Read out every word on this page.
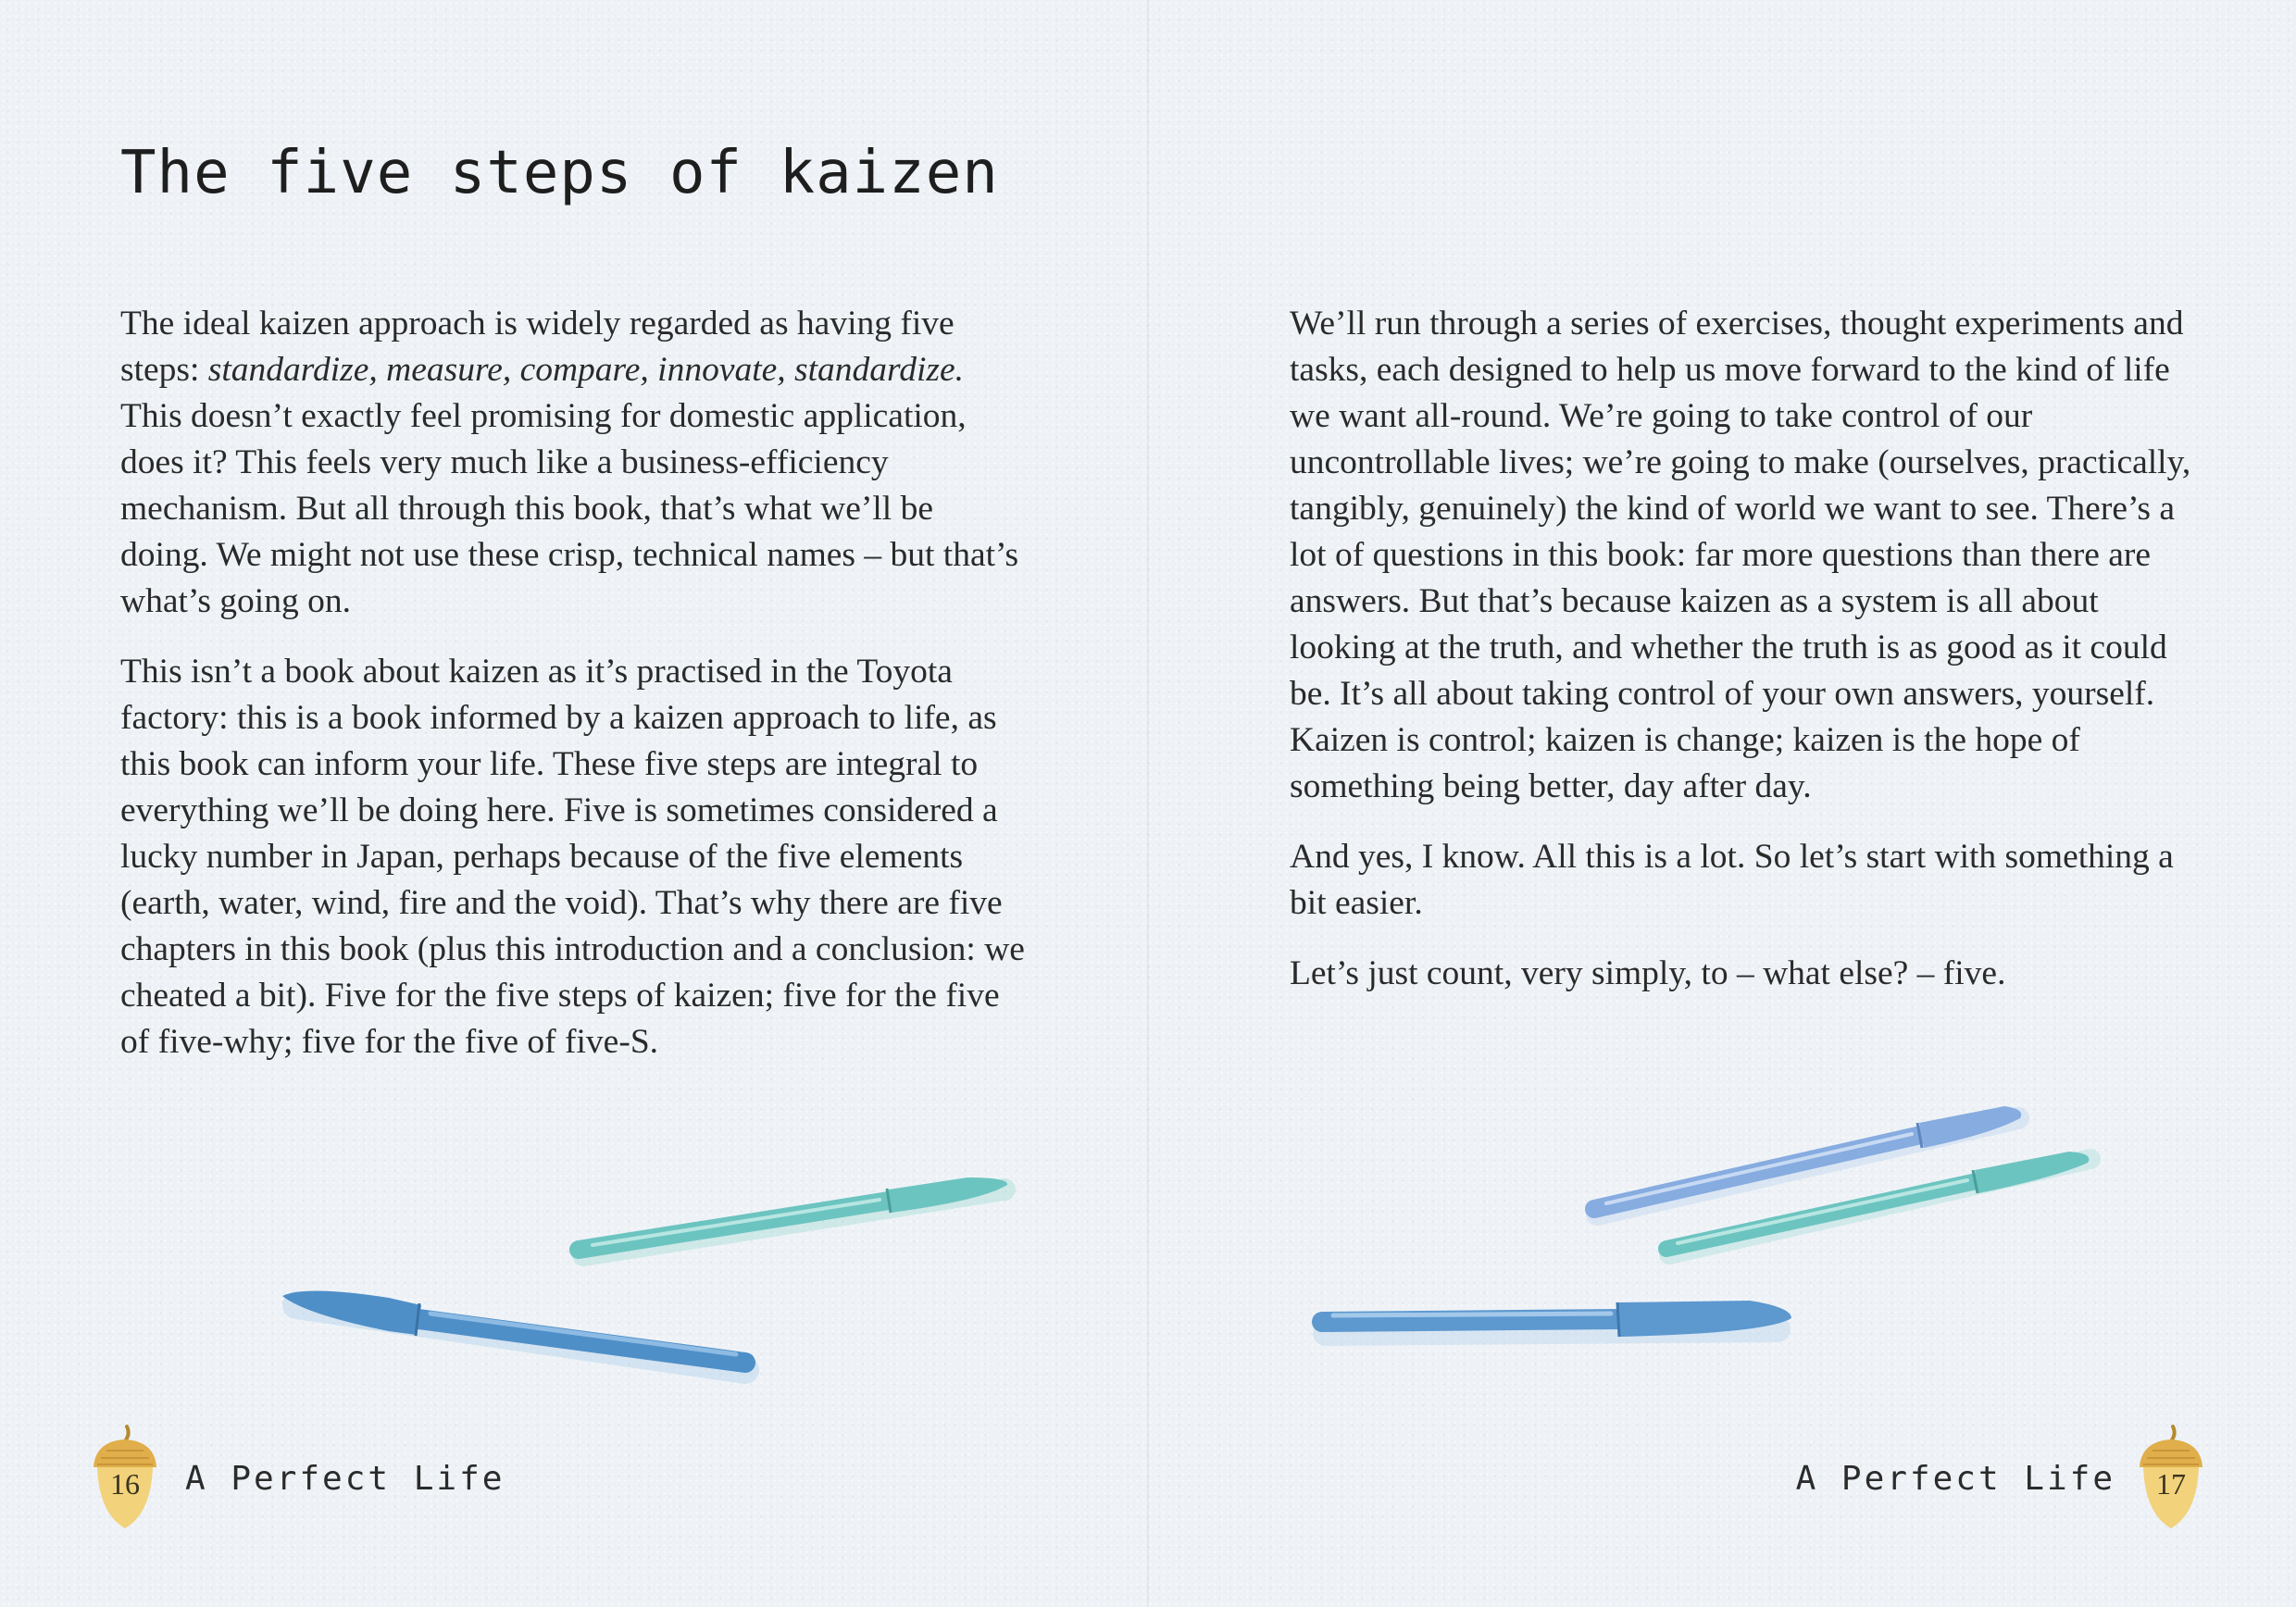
The five steps of kaizen

The ideal kaizen approach is widely regarded as having five steps: standardize, measure, compare, innovate, standardize. This doesn’t exactly feel promising for domestic application, does it? This feels very much like a business-efficiency mechanism. But all through this book, that’s what we’ll be doing. We might not use these crisp, technical names – but that’s what’s going on.

This isn’t a book about kaizen as it’s practised in the Toyota factory: this is a book informed by a kaizen approach to life, as this book can inform your life. These five steps are integral to everything we’ll be doing here. Five is sometimes considered a lucky number in Japan, perhaps because of the five elements (earth, water, wind, fire and the void). That’s why there are five chapters in this book (plus this introduction and a conclusion: we cheated a bit). Five for the five steps of kaizen; five for the five of five-why; five for the five of five-S.

We’ll run through a series of exercises, thought experiments and tasks, each designed to help us move forward to the kind of life we want all-round. We’re going to take control of our uncontrollable lives; we’re going to make (ourselves, practically, tangibly, genuinely) the kind of world we want to see. There’s a lot of questions in this book: far more questions than there are answers. But that’s because kaizen as a system is all about looking at the truth, and whether the truth is as good as it could be. It’s all about taking control of your own answers, yourself. Kaizen is control; kaizen is change; kaizen is the hope of something being better, day after day.

And yes, I know. All this is a lot. So let’s start with something a bit easier.

Let’s just count, very simply, to – what else? – five.

16	A Perfect Life	A Perfect Life	17
